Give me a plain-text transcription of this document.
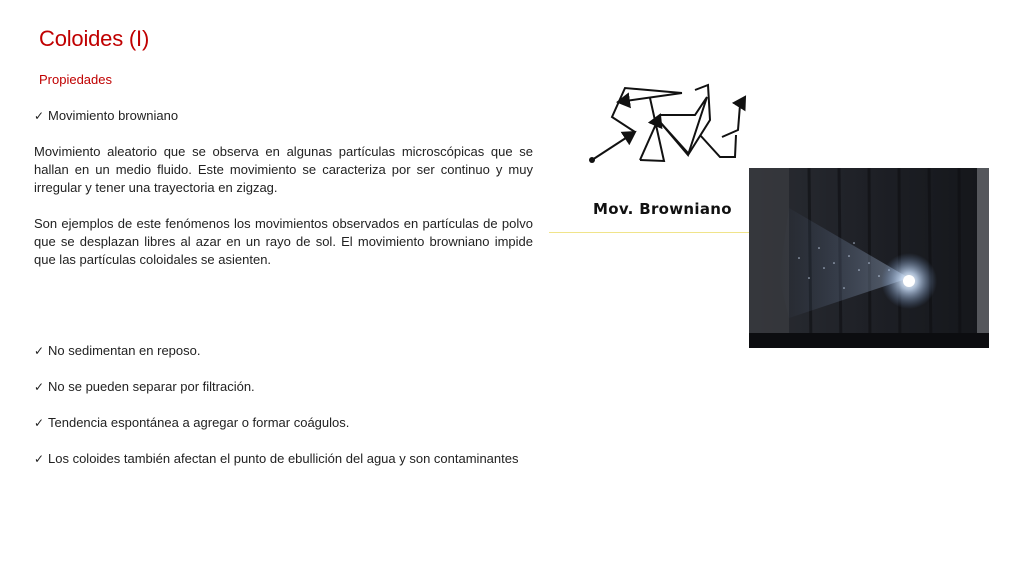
Coloides (I)
Propiedades
✓ Movimiento browniano
Movimiento aleatorio que se observa en algunas partículas microscópicas que se hallan en un medio fluido. Este movimiento se caracteriza por ser continuo y muy irregular y tener una trayectoria en zigzag.
Son ejemplos de este fenómenos los movimientos observados en partículas de polvo que se desplazan libres al azar en un rayo de sol. El movimiento browniano impide que las partículas coloidales se asienten.
✓ No sedimentan en reposo.
✓ No se pueden separar por filtración.
✓ Tendencia espontánea a agregar o formar coágulos.
✓ Los coloides también afectan el punto de ebullición del agua y son contaminantes
Mov. Browniano
